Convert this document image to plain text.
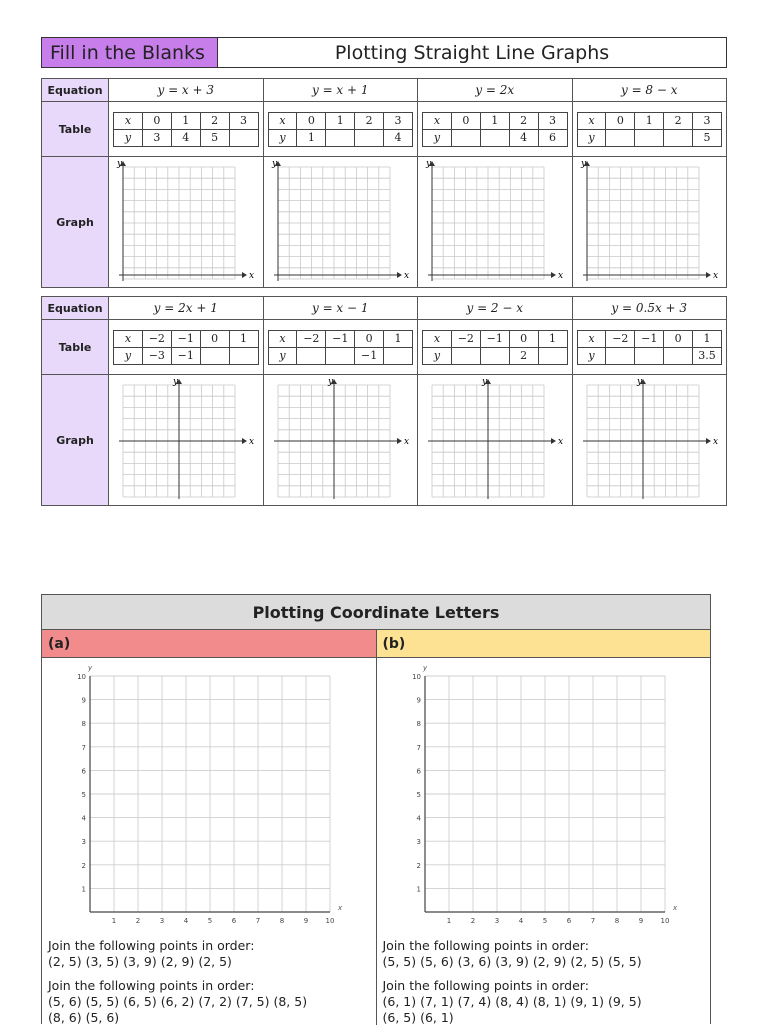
Fill in the Blanks	Plotting Straight Line Graphs
Equation	y = x + 3	y = x + 1	y = 2x	y = 8 − x
Table	
x	0	1	2	3
y	3	4	5	

x	0	1	2	3
y	1			4

x	0	1	2	3
y			4	6

x	0	1	2	3
y				5

Graph	
x
y

x
y

x
y

x
y
Equation	y = 2x + 1	y = x − 1	y = 2 − x	y = 0.5x + 3
Table	
x	−2	−1	0	1
y	−3	−1		

x	−2	−1	0	1
y			−1	

x	−2	−1	0	1
y			2	

x	−2	−1	0	1
y				3.5

Graph	x
y

x
y

x
y

x
y
Plotting Coordinate Letters
(a)
1
1
2
2
3
3
4
4
5
5
6
6
7
7
8
8
9
9
10
10
x
y
Join the following points in order:
(2, 5) (3, 5) (3, 9) (2, 9) (2, 5)
Join the following points in order:
(5, 6) (5, 5) (6, 5) (6, 2) (7, 2) (7, 5) (8, 5)
(8, 6) (5, 6)
(b)
1
1
2
2
3
3
4
4
5
5
6
6
7
7
8
8
9
9
10
10
x
y
Join the following points in order:
(5, 5) (5, 6) (3, 6) (3, 9) (2, 9) (2, 5) (5, 5)
Join the following points in order:
(6, 1) (7, 1) (7, 4) (8, 4) (8, 1) (9, 1) (9, 5)
(6, 5) (6, 1)
